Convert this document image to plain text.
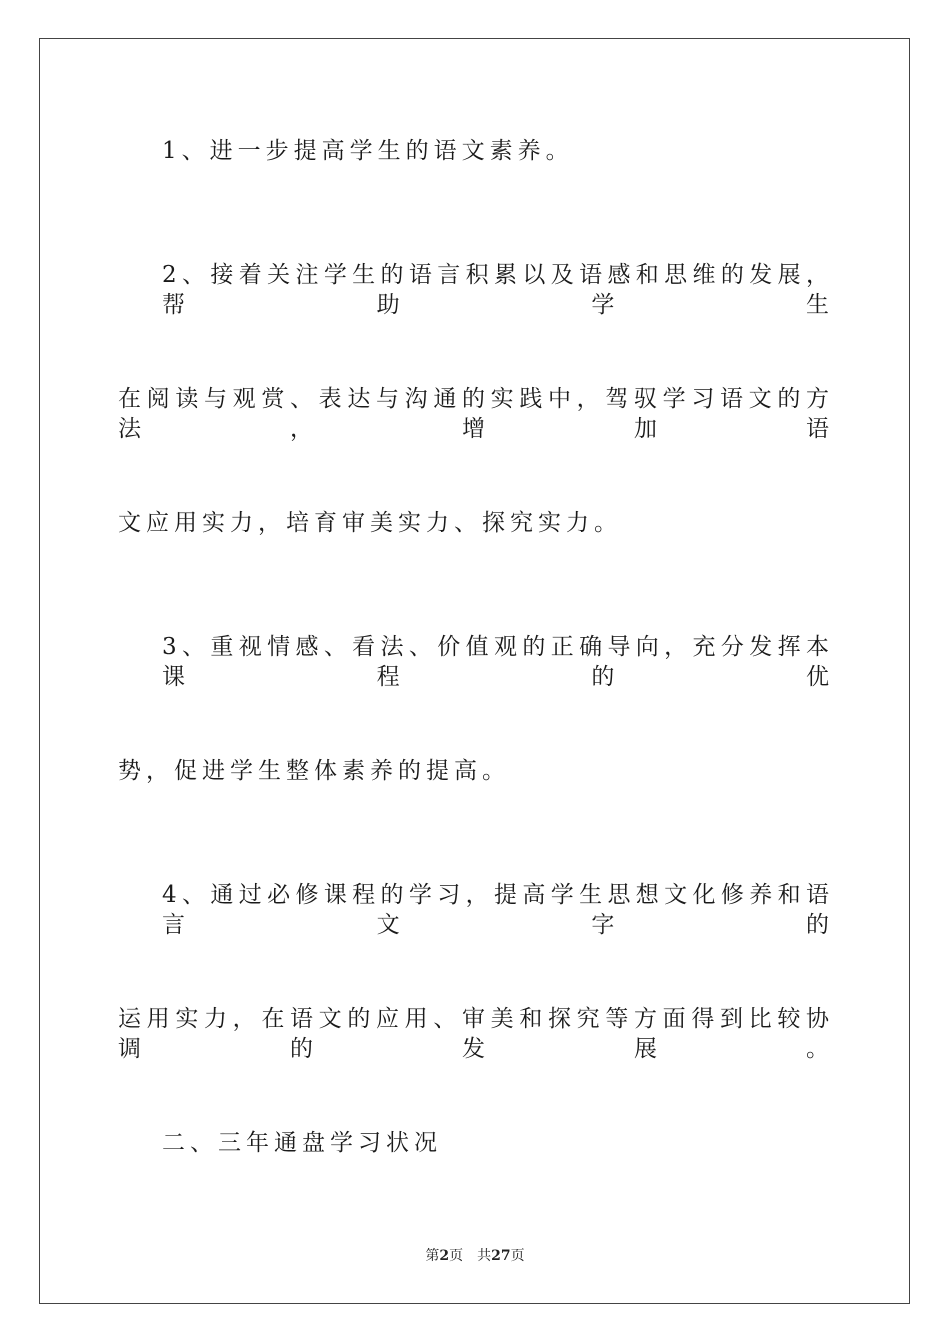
1、进一步提高学生的语文素养。

2、接着关注学生的语言积累以及语感和思维的发展，帮助学生

在阅读与观赏、表达与沟通的实践中，驾驭学习语文的方法，增加语

文应用实力，培育审美实力、探究实力。

3、重视情感、看法、价值观的正确导向，充分发挥本课程的优

势，促进学生整体素养的提高。

4、通过必修课程的学习，提高学生思想文化修养和语言文字的

运用实力，在语文的应用、审美和探究等方面得到比较协调的发展。

二、三年通盘学习状况

第2页 共27页
